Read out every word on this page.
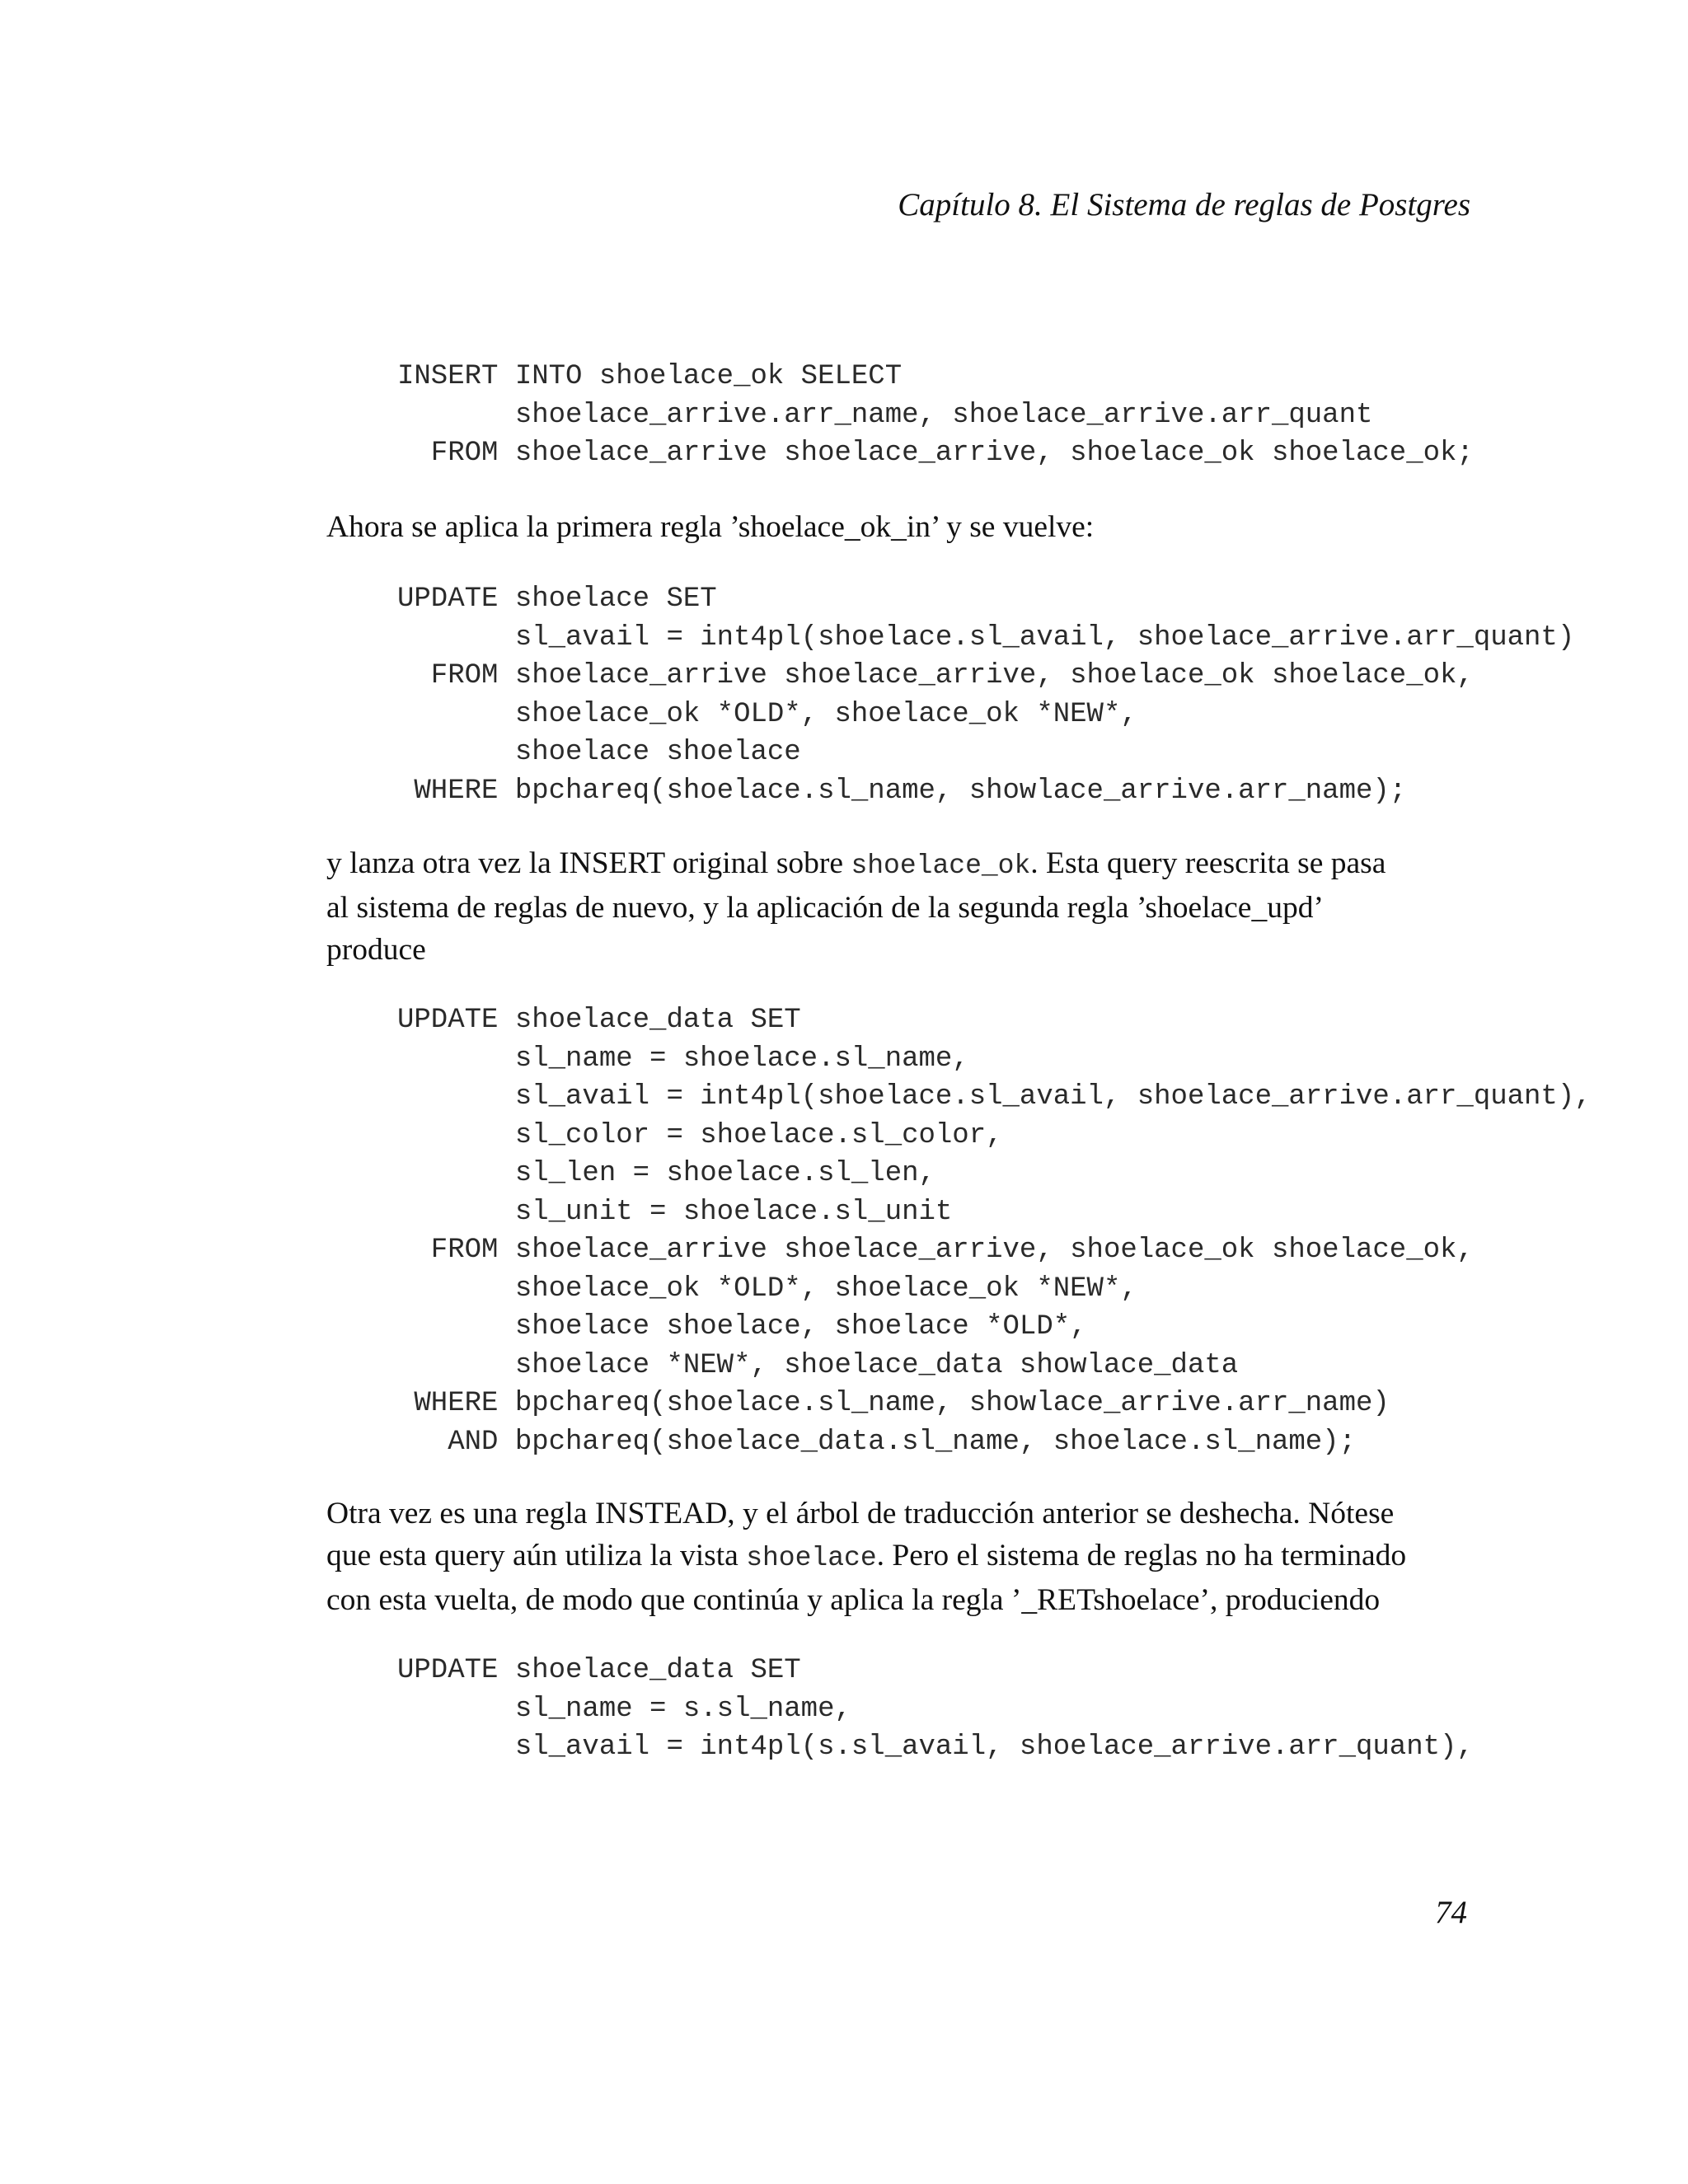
Capítulo 8. El Sistema de reglas de Postgres
INSERT INTO shoelace_ok SELECT
shoelace_arrive.arr_name, shoelace_arrive.arr_quant
FROM shoelace_arrive shoelace_arrive, shoelace_ok shoelace_ok;

Ahora se aplica la primera regla ’shoelace_ok_in’ y se vuelve:

UPDATE shoelace SET
sl_avail = int4pl(shoelace.sl_avail, shoelace_arrive.arr_quant)
FROM shoelace_arrive shoelace_arrive, shoelace_ok shoelace_ok,
shoelace_ok *OLD*, shoelace_ok *NEW*,
shoelace shoelace
WHERE bpchareq(shoelace.sl_name, showlace_arrive.arr_name);

y lanza otra vez la INSERT original sobre shoelace_ok. Esta query reescrita se pasa
al sistema de reglas de nuevo, y la aplicación de la segunda regla ’shoelace_upd’
produce

UPDATE shoelace_data SET
sl_name = shoelace.sl_name,
sl_avail = int4pl(shoelace.sl_avail, shoelace_arrive.arr_quant),
sl_color = shoelace.sl_color,
sl_len = shoelace.sl_len,
sl_unit = shoelace.sl_unit
FROM shoelace_arrive shoelace_arrive, shoelace_ok shoelace_ok,
shoelace_ok *OLD*, shoelace_ok *NEW*,
shoelace shoelace, shoelace *OLD*,
shoelace *NEW*, shoelace_data showlace_data
WHERE bpchareq(shoelace.sl_name, showlace_arrive.arr_name)
AND bpchareq(shoelace_data.sl_name, shoelace.sl_name);

Otra vez es una regla INSTEAD, y el árbol de traducción anterior se deshecha. Nótese
que esta query aún utiliza la vista shoelace. Pero el sistema de reglas no ha terminado
con esta vuelta, de modo que continúa y aplica la regla ’_RETshoelace’, produciendo

UPDATE shoelace_data SET
sl_name = s.sl_name,
sl_avail = int4pl(s.sl_avail, shoelace_arrive.arr_quant),
74
